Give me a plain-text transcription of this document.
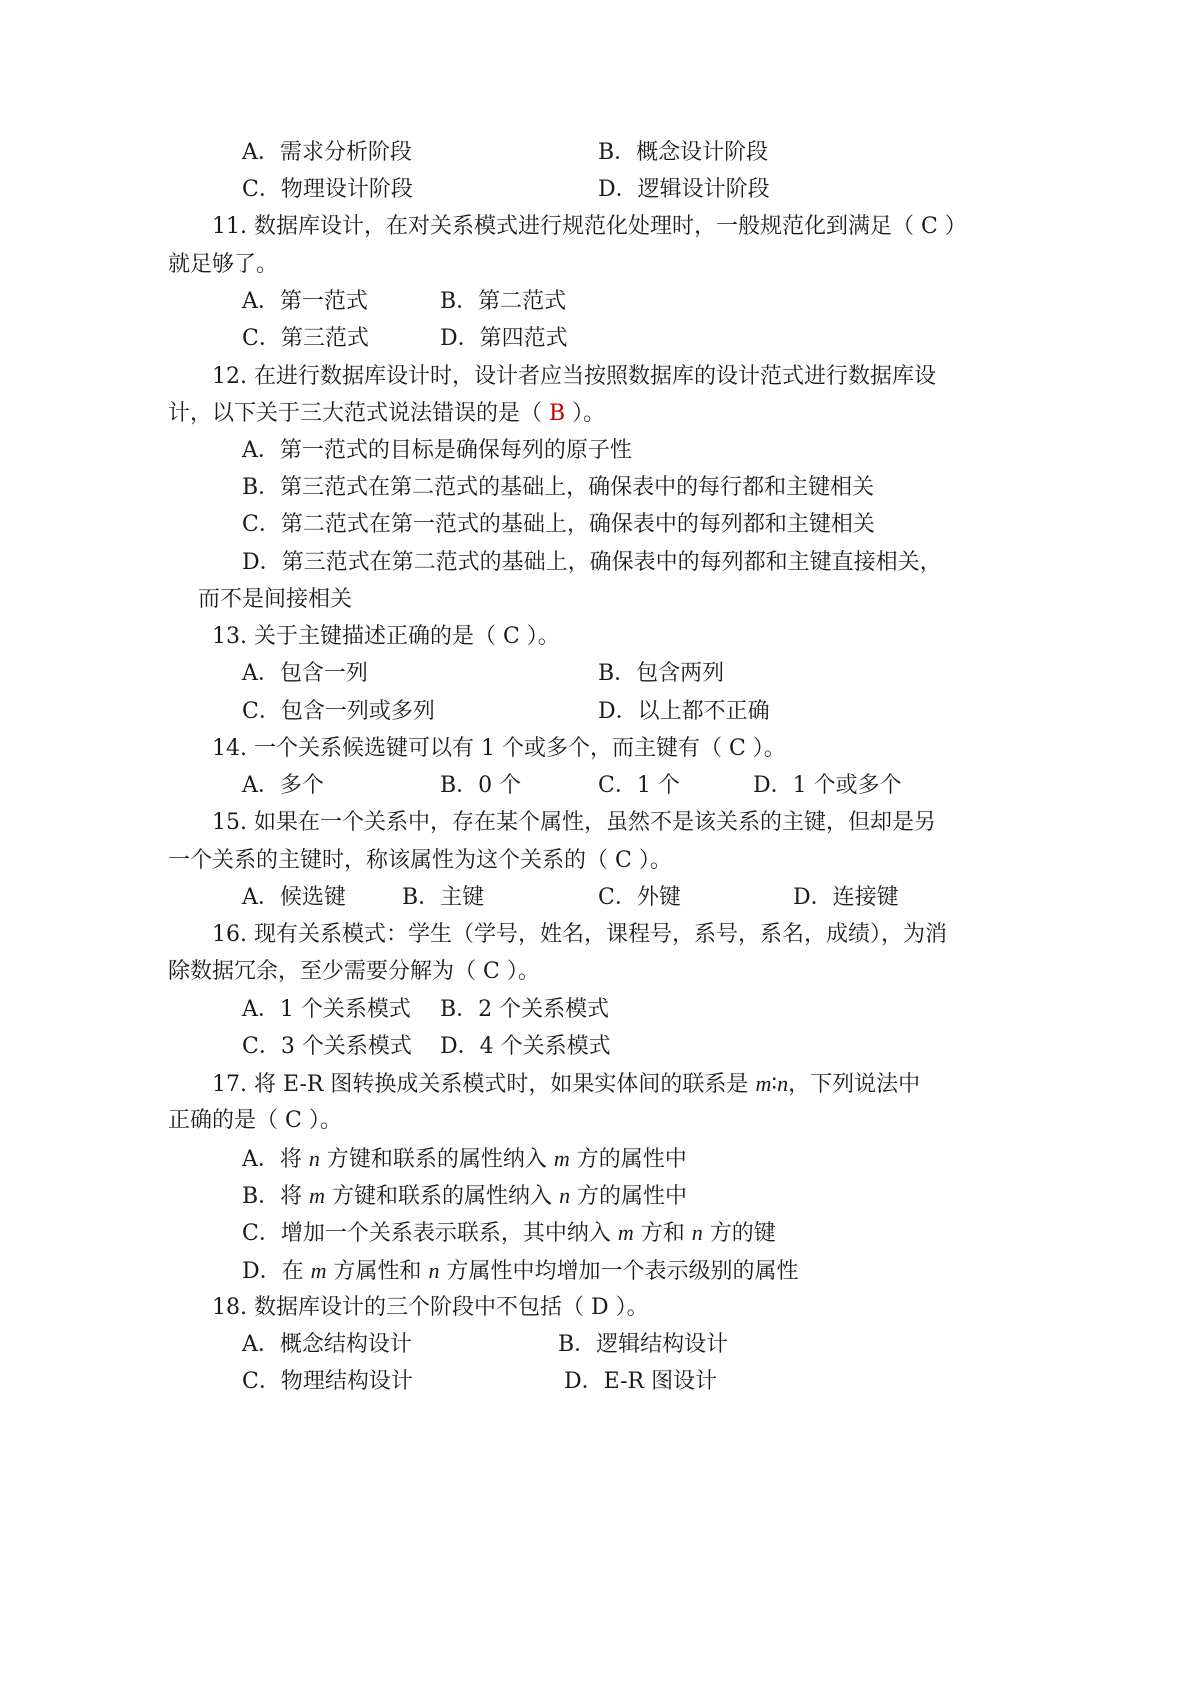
A．需求分析阶段	B．概念设计阶段
C．物理设计阶段	D．逻辑设计阶段
11. 数据库设计，在对关系模式进行规范化处理时，一般规范化到满足（ C ）
就足够了。
A．第一范式	B．第二范式
C．第三范式	D．第四范式
12. 在进行数据库设计时，设计者应当按照数据库的设计范式进行数据库设
计，以下关于三大范式说法错误的是（ B ）。
A．第一范式的目标是确保每列的原子性
B．第三范式在第二范式的基础上，确保表中的每行都和主键相关
C．第二范式在第一范式的基础上，确保表中的每列都和主键相关
D．第三范式在第二范式的基础上，确保表中的每列都和主键直接相关，
而不是间接相关
13. 关于主键描述正确的是（ C ）。
A．包含一列	B．包含两列
C．包含一列或多列	D．以上都不正确
14. 一个关系候选键可以有 1 个或多个，而主键有（ C ）。
A．多个	B．0 个	C．1 个	D．1 个或多个
15. 如果在一个关系中，存在某个属性，虽然不是该关系的主键，但却是另
一个关系的主键时，称该属性为这个关系的（ C ）。
A．候选键	B．主键	C．外键	D．连接键
16. 现有关系模式：学生（学号，姓名，课程号，系号，系名，成绩），为消
除数据冗余，至少需要分解为（ C ）。
A．1 个关系模式 B．2 个关系模式
C．3 个关系模式 D．4 个关系模式
17. 将 E-R 图转换成关系模式时，如果实体间的联系是 m∶n，下列说法中
正确的是（ C ）。
A．将 n 方键和联系的属性纳入 m 方的属性中
B．将 m 方键和联系的属性纳入 n 方的属性中
C．增加一个关系表示联系，其中纳入 m 方和 n 方的键
D．在 m 方属性和 n 方属性中均增加一个表示级别的属性
18. 数据库设计的三个阶段中不包括（ D ）。
A．概念结构设计	B．逻辑结构设计
C．物理结构设计	D．E-R 图设计
